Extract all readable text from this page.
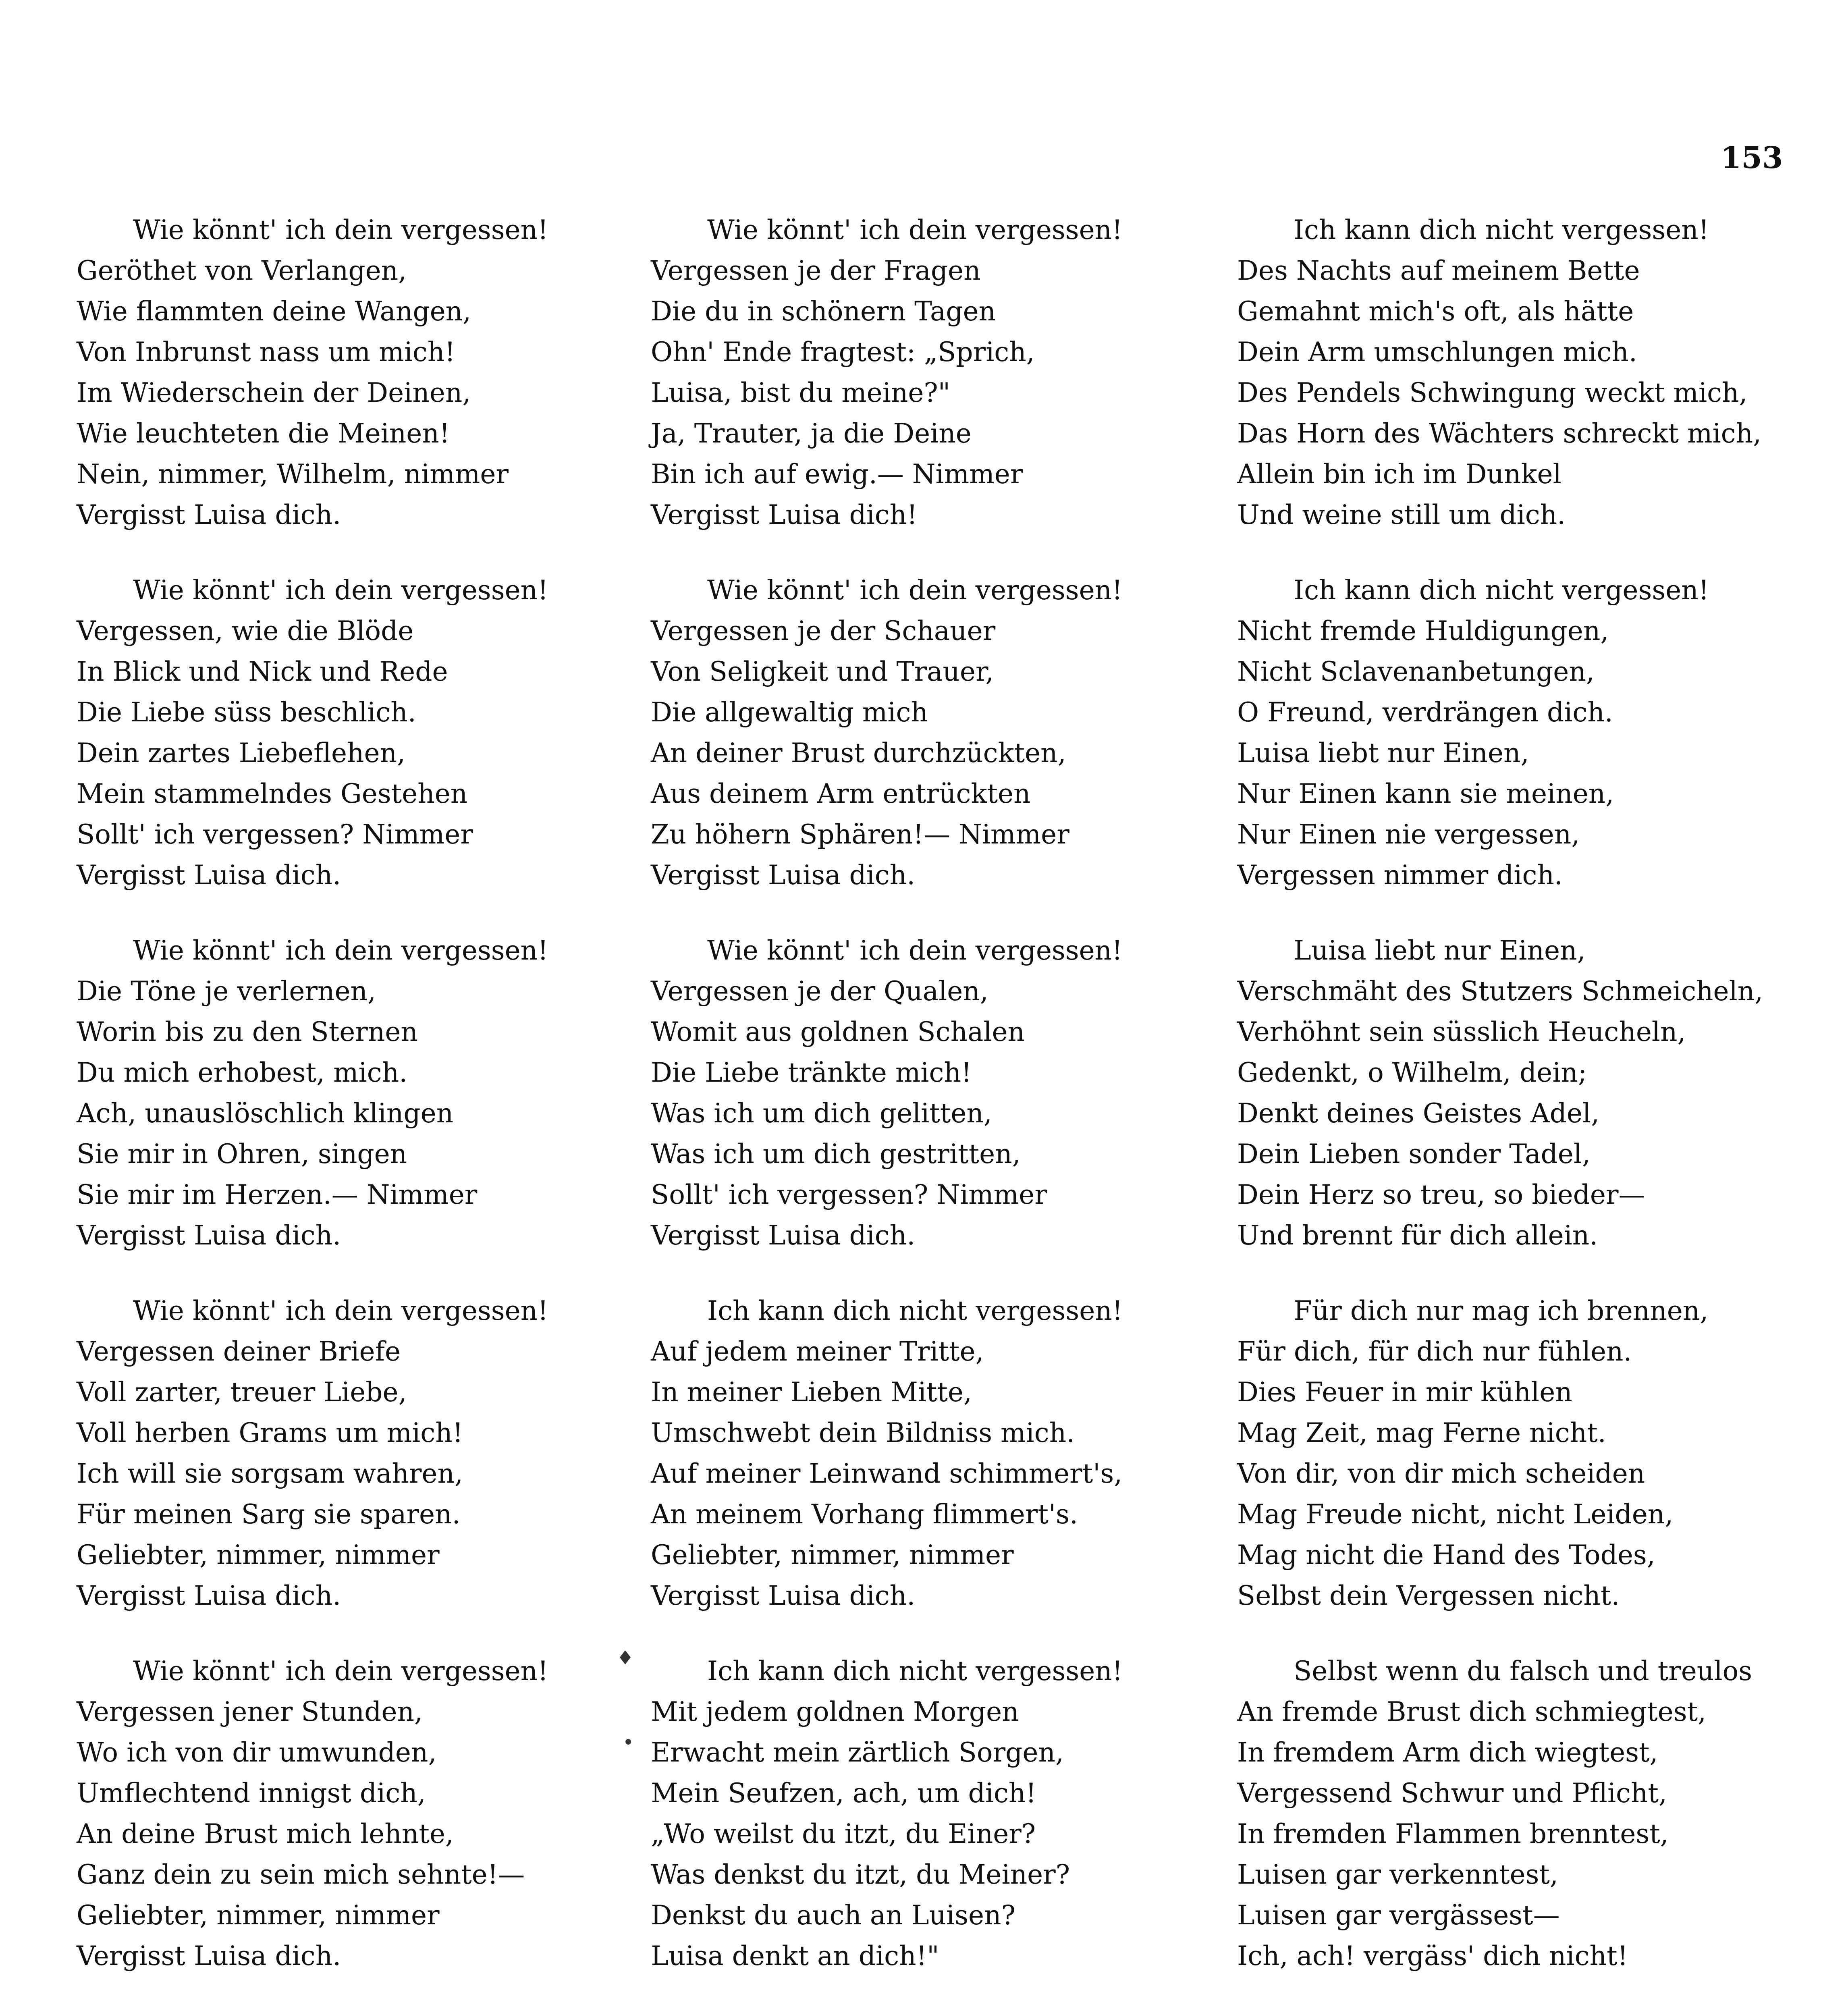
153
♦
•
Wie könnt' ich dein vergessen!
Geröthet von Verlangen,
Wie flammten deine Wangen,
Von Inbrunst nass um mich!
Im Wiederschein der Deinen,
Wie leuchteten die Meinen!
Nein, nimmer, Wilhelm, nimmer
Vergisst Luisa dich.
Wie könnt' ich dein vergessen!
Vergessen, wie die Blöde
In Blick und Nick und Rede
Die Liebe süss beschlich.
Dein zartes Liebeflehen,
Mein stammelndes Gestehen
Sollt' ich vergessen? Nimmer
Vergisst Luisa dich.
Wie könnt' ich dein vergessen!
Die Töne je verlernen,
Worin bis zu den Sternen
Du mich erhobest, mich.
Ach, unauslöschlich klingen
Sie mir in Ohren, singen
Sie mir im Herzen.— Nimmer
Vergisst Luisa dich.
Wie könnt' ich dein vergessen!
Vergessen deiner Briefe
Voll zarter, treuer Liebe,
Voll herben Grams um mich!
Ich will sie sorgsam wahren,
Für meinen Sarg sie sparen.
Geliebter, nimmer, nimmer
Vergisst Luisa dich.
Wie könnt' ich dein vergessen!
Vergessen jener Stunden,
Wo ich von dir umwunden,
Umflechtend innigst dich,
An deine Brust mich lehnte,
Ganz dein zu sein mich sehnte!—
Geliebter, nimmer, nimmer
Vergisst Luisa dich.
Wie könnt' ich dein vergessen!
Vergessen je der Fragen
Die du in schönern Tagen
Ohn' Ende fragtest: „Sprich,
Luisa, bist du meine?"
Ja, Trauter, ja die Deine
Bin ich auf ewig.— Nimmer
Vergisst Luisa dich!
Wie könnt' ich dein vergessen!
Vergessen je der Schauer
Von Seligkeit und Trauer,
Die allgewaltig mich
An deiner Brust durchzückten,
Aus deinem Arm entrückten
Zu höhern Sphären!— Nimmer
Vergisst Luisa dich.
Wie könnt' ich dein vergessen!
Vergessen je der Qualen,
Womit aus goldnen Schalen
Die Liebe tränkte mich!
Was ich um dich gelitten,
Was ich um dich gestritten,
Sollt' ich vergessen? Nimmer
Vergisst Luisa dich.
Ich kann dich nicht vergessen!
Auf jedem meiner Tritte,
In meiner Lieben Mitte,
Umschwebt dein Bildniss mich.
Auf meiner Leinwand schimmert's,
An meinem Vorhang flimmert's.
Geliebter, nimmer, nimmer
Vergisst Luisa dich.
Ich kann dich nicht vergessen!
Mit jedem goldnen Morgen
Erwacht mein zärtlich Sorgen,
Mein Seufzen, ach, um dich!
„Wo weilst du itzt, du Einer?
Was denkst du itzt, du Meiner?
Denkst du auch an Luisen?
Luisa denkt an dich!"
Ich kann dich nicht vergessen!
Des Nachts auf meinem Bette
Gemahnt mich's oft, als hätte
Dein Arm umschlungen mich.
Des Pendels Schwingung weckt mich,
Das Horn des Wächters schreckt mich,
Allein bin ich im Dunkel
Und weine still um dich.
Ich kann dich nicht vergessen!
Nicht fremde Huldigungen,
Nicht Sclavenanbetungen,
O Freund, verdrängen dich.
Luisa liebt nur Einen,
Nur Einen kann sie meinen,
Nur Einen nie vergessen,
Vergessen nimmer dich.
Luisa liebt nur Einen,
Verschmäht des Stutzers Schmeicheln,
Verhöhnt sein süsslich Heucheln,
Gedenkt, o Wilhelm, dein;
Denkt deines Geistes Adel,
Dein Lieben sonder Tadel,
Dein Herz so treu, so bieder—
Und brennt für dich allein.
Für dich nur mag ich brennen,
Für dich, für dich nur fühlen.
Dies Feuer in mir kühlen
Mag Zeit, mag Ferne nicht.
Von dir, von dir mich scheiden
Mag Freude nicht, nicht Leiden,
Mag nicht die Hand des Todes,
Selbst dein Vergessen nicht.
Selbst wenn du falsch und treulos
An fremde Brust dich schmiegtest,
In fremdem Arm dich wiegtest,
Vergessend Schwur und Pflicht,
In fremden Flammen brenntest,
Luisen gar verkenntest,
Luisen gar vergässest—
Ich, ach! vergäss' dich nicht!
